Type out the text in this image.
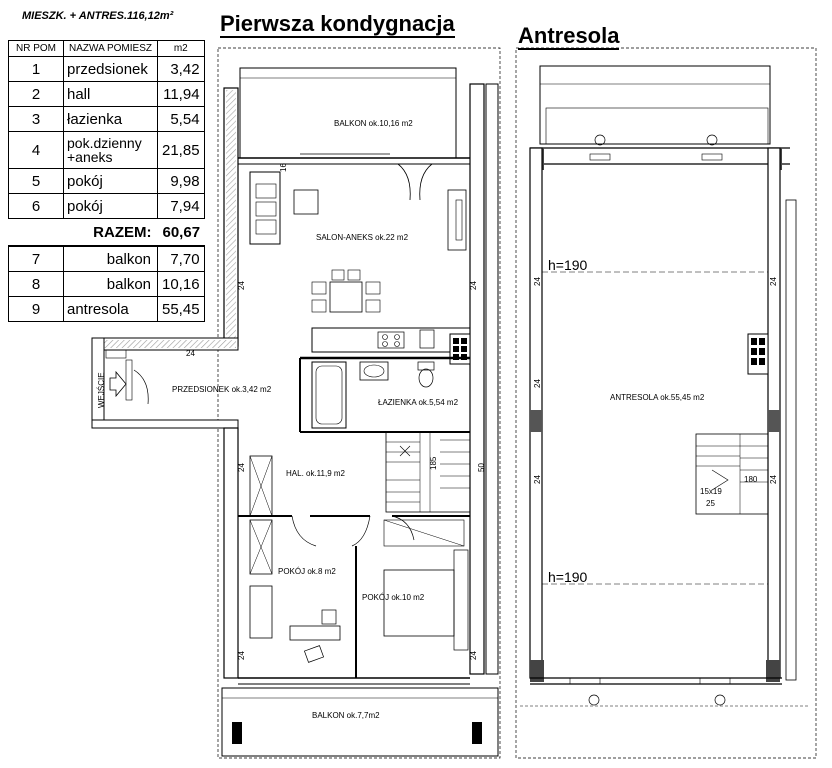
MIESZK. + ANTRES.116,12m²
NR POM	NAZWA POMIESZ	m2
1	przedsionek	3,42
2	hall	11,94
3	łazienka	5,54
4	pok.dzienny +aneks	21,85
5	pokój	9,98
6	pokój	7,94
	RAZEM:	60,67
7	balkon	7,70
8	balkon	10,16
9	antresola	55,45
Pierwsza kondygnacja	Antresola
BALKON ok.10,16 m2
SALON-ANEKS ok.22 m2
PRZEDSIONEK ok.3,42 m2
ŁAZIENKA ok.5,54 m2
HAL. ok.11,9 m2
POKÓJ ok.8 m2
POKÓJ ok.10 m2
BALKON ok.7,7m2
WEJŚCIE
24
24
24
24
24
50
16
185
24
ANTRESOLA ok.55,45 m2
h=190
h=190
15x19
25
180
24
24
24
24
24
